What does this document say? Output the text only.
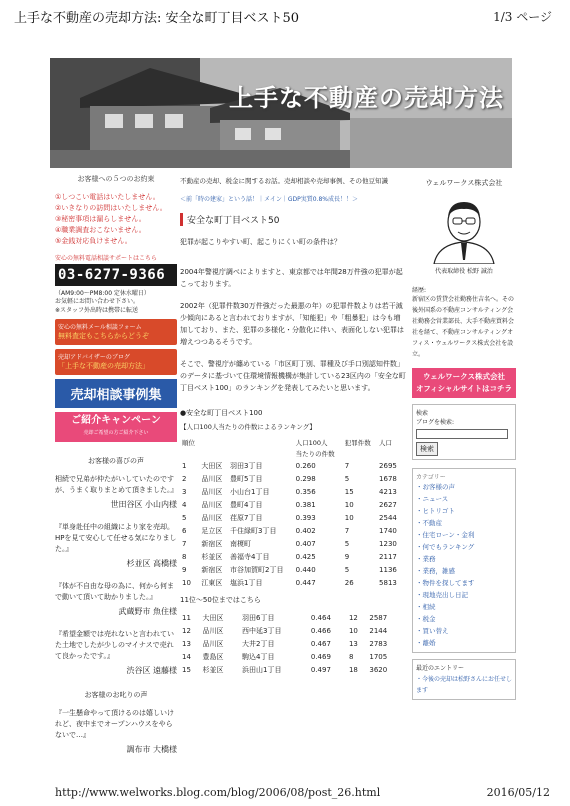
上手な不動産の売却方法: 安全な町丁目ベスト50	1/3 ページ
上手な不動産の売却方法
お客様への５つのお約束
①しつこい電話はいたしません。
②いきなりの訪問はいたしません。
③秘密事項は漏らしません。
④職業調査おこないません。
⑤金銭対応負けません。
安心の無料電話相談サポートはこちら
03-6277-9366
（AM9:00〜PM8:00 定休水曜日）
お気軽にお問い合わせ下さい。
※スタッフ外出時は携帯に転送
安心の無料メール相談フォーム
無料査定もこちらからどうぞ
売却アドバイザーのブログ
「上手な不動産の売却方法」
売却相談事例集
ご紹介キャンペーン
売却ご希望の方ご紹介下さい
お客様の喜びの声
相続で兄弟が仲たがいしていたのですが、うまく取りまとめて頂きました。』
世田谷区 小山内様
『単身赴任中の組織により家を売却。HPを見て安心して任せる気になりました。』
杉並区 高橋様
『体が不自由な母の為に、何から何まで動いて頂いて助かりました。』
武蔵野市 魚住様
『希望金額では売れないと言われていた土地でしたが少しのマイナスで売れて良かったです。』
渋谷区 遠藤様
お客様のお叱りの声
『一生懸命やって頂けるのは嬉しいけれど、夜中までオープンハウスをやらないで…』
調布市 大橋様
不動産の売却、税金に関するお話。売却相談や売却事例、その他豆知識
＜前「時の建家」という話！｜メイン｜GDP実質0.8%成長！！＞
安全な町丁目ベスト50
犯罪が起こりやすい町、起こりにくい町の条件は？
2004年警視庁調べによりますと、東京都では年間28万件強の犯罪が起こっております。
2002年（犯罪件数30万件強だった最悪の年）の犯罪件数よりは若干減少傾向にあると言われておりますが、「知能犯」や「粗暴犯」は今も増加しており、また、犯罪の多様化・分散化に伴い、表面化しない犯罪は増えつつあるそうです。
そこで、警視庁が纏めている「市区町丁別、罪種及び手口別認知件数」のデータに基づいて住環境情報機構が集計している23区内の「安全な町丁目ベスト100」のランキングを発表してみたいと思います。
●安全な町丁目ベスト100
【人口100人当たりの件数によるランキング】
順位			人口100人	犯罪件数	人口
			当たりの件数		
1	大田区	羽田3丁目	0.260	7	2695
2	品川区	豊町5丁目	0.298	5	1678
3	品川区	小山台1丁目	0.356	15	4213
4	品川区	豊町4丁目	0.381	10	2627
5	品川区	荏原7丁目	0.393	10	2544
6	足立区	千住緑町3丁目	0.402	7	1740
7	新宿区	南榎町	0.407	5	1230
8	杉並区	善福寺4丁目	0.425	9	2117
9	新宿区	市谷加賀町2丁目	0.440	5	1136
10	江東区	塩浜1丁目	0.447	26	5813
11位〜50位まではこちら
11	大田区	羽田6丁目	0.464	12	2587
12	品川区	西中延3丁目	0.466	10	2144
13	品川区	大井2丁目	0.467	13	2783
14	豊島区	駒込4丁目	0.469	8	1705
15	杉並区	浜田山1丁目	0.497	18	3620
ウェルワークス株式会社
代表取締役 松野 誠治
経歴:
新宿区の賃貸会社勤務住吉名へ。その後外国系の不動産コンサルティング会社勤務会営業部長、大手不動産買料会社を経て、不動産コンサルティングオフィス・ウェルワークス株式会社を設立。
ウェルワークス株式会社
オフィシャルサイトはコチラ
検索
ブログを検索:
検索
カテゴリー
・お客様の声
・ニュース
・ヒトリゴト
・不動産
・住宅ローン・金利
・何でもランキング
・業務
・業務，雑感
・物件を探してます
・現地売出し日記
・相続
・税金
・買い替え
・離婚
最近のエントリー
・今後の売却は松野さんにお任せします
http://www.welworks.blog.com/blog/2006/08/post_26.html	2016/05/12
